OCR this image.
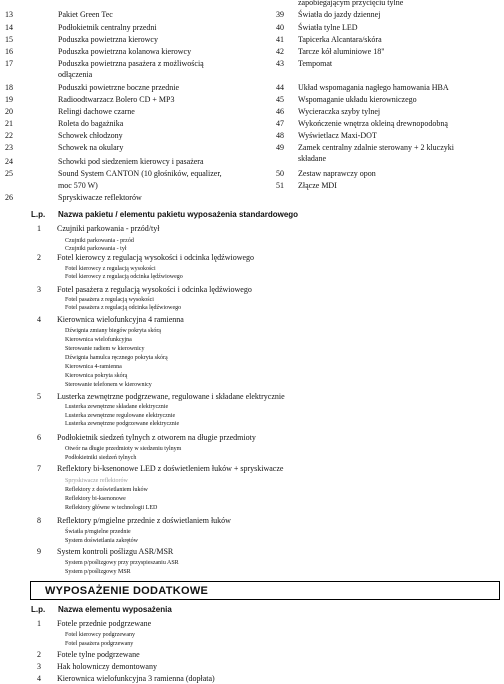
13	Pakiet Green Tec
14	Podłokietnik centralny przedni
15	Poduszka powietrzna kierowcy
16	Poduszka powietrzna kolanowa kierowcy
17	Poduszka powietrzna pasażera z możliwością
odłączenia
18	Poduszki powietrzne boczne przednie
19	Radioodtwarzacz Bolero CD + MP3
20	Relingi dachowe czarne
21	Roleta do bagażnika
22	Schowek chłodzony
23	Schowek na okulary
24	Schowki pod siedzeniem kierowcy i pasażera
25	Sound System CANTON (10 głośników, equalizer,
moc 570 W)
26	Spryskiwacze reflektorów
zapobiegającym przycięciu tylne
39 Światła do jazdy dziennej
40 Światła tylne LED
41 Tapicerka Alcantara/skóra
42 Tarcze kół aluminiowe 18"
43 Tempomat
44 Układ wspomagania nagłego hamowania HBA
45 Wspomaganie układu kierowniczego
46 Wycieraczka szyby tylnej
47 Wykończenie wnętrza okleiną drewnopodobną
48 Wyświetlacz Maxi-DOT
49 Zamek centralny zdalnie sterowany + 2 kluczyki
składane
50 Zestaw naprawczy opon
51 Złącze MDI
L.p. Nazwa pakietu / elementu pakietu wyposażenia standardowego
1 Czujniki parkowania - przód/tył
Czujniki parkowania - przód
Czujniki parkowania - tył
2 Fotel kierowcy z regulacją wysokości i odcinka lędźwiowego
Fotel kierowcy z regulacją wysokości
Fotel kierowcy z regulacją odcinka lędźwiowego
3 Fotel pasażera z regulacją wysokości i odcinka lędźwiowego
Fotel pasażera z regulacją wysokości
Fotel pasażera z regulacją odcinka lędźwiowego
4 Kierownica wielofunkcyjna 4 ramienna
Dźwignia zmiany biegów pokryta skórą
Kierownica wielofunkcyjna
Sterowanie radiem w kierownicy
Dźwignia hamulca ręcznego pokryta skórą
Kierownica 4-ramienna
Kierownica pokryta skórą
Sterowanie telefonem w kierownicy
5 Lusterka zewnętrzne podgrzewane, regulowane i składane elektrycznie
Lusterka zewnętrzne składane elektrycznie
Lusterka zewnętrzne regulowane elektrycznie
Lusterka zewnętrzne podgrzewane elektrycznie
6 Podłokietnik siedzeń tylnych z otworem na długie przedmioty
Otwór na długie przedmioty w siedzeniu tylnym
Podłokietniki siedzeń tylnych
7 Reflektory bi-ksenonowe LED z doświetleniem łuków + spryskiwacze
Spryskiwacze reflektorów
Reflektory z doświetlaniem łuków
Reflektory bi-ksenonowe
Reflektory główne w technologii LED
8 Reflektory p/mgielne przednie z doświetlaniem łuków
Światła p/mgielne przednie
System doświetlania zakrętów
9 System kontroli poślizgu ASR/MSR
System p/poślizgowy przy przyspieszaniu ASR
System p/poślizgowy MSR
WYPOSAŻENIE DODATKOWE
L.p. Nazwa elementu wyposażenia
1 Fotele przednie podgrzewane
Fotel kierowcy podgrzewany
Fotel pasażera podgrzewany
2 Fotele tylne podgrzewane
3 Hak holowniczy demontowany
4 Kierownica wielofunkcyjna 3 ramienna (dopłata)
